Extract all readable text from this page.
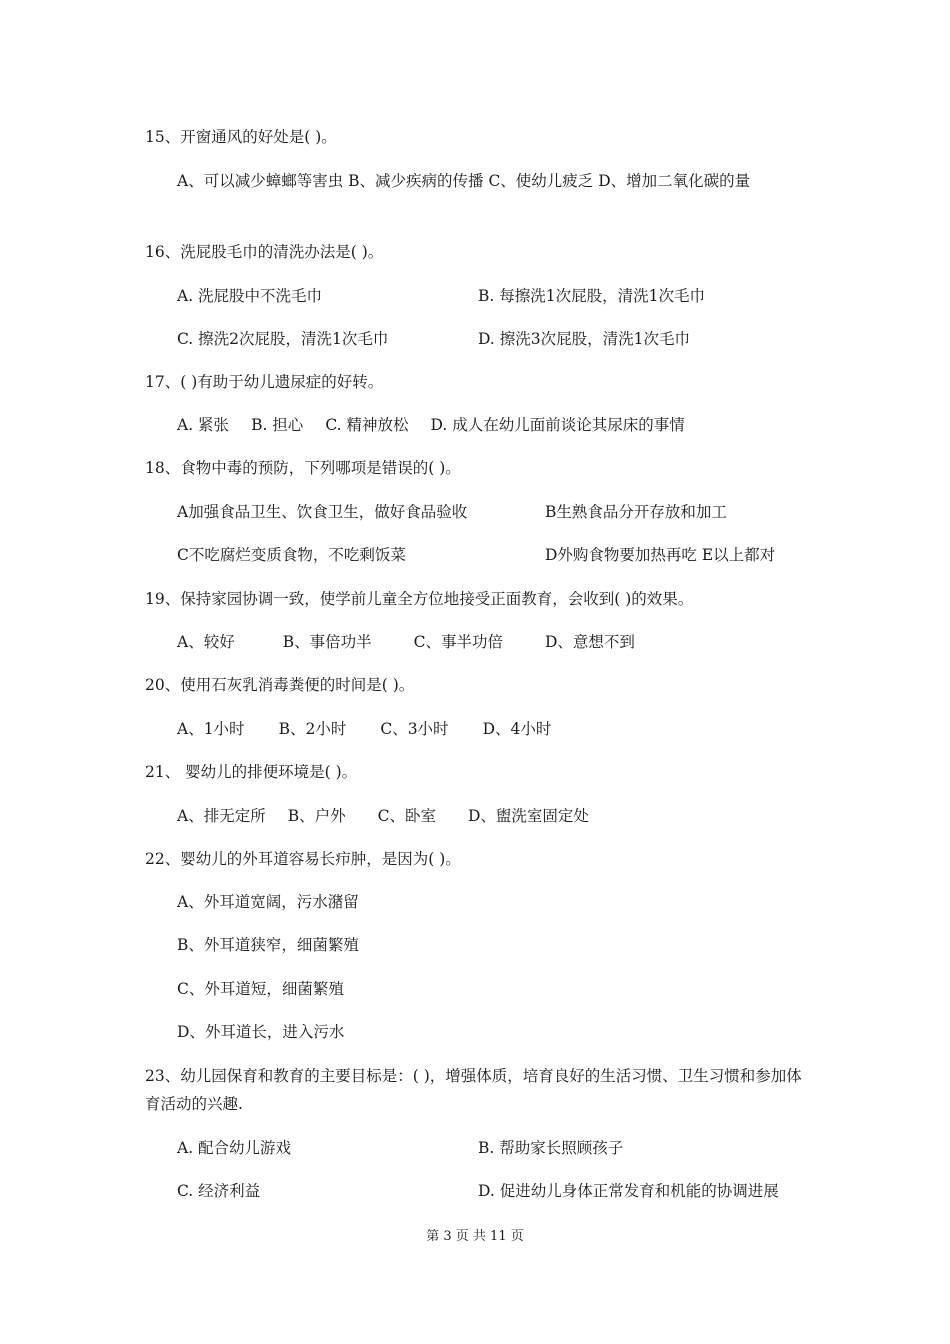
15、开窗通风的好处是( )。
A、可以减少蟑螂等害虫 B、减少疾病的传播 C、使幼儿疲乏 D、增加二氧化碳的量
16、洗屁股毛巾的清洗办法是( )。
A. 洗屁股中不洗毛巾	B. 每擦洗1次屁股，清洗1次毛巾
C. 擦洗2次屁股，清洗1次毛巾	D. 擦洗3次屁股，清洗1次毛巾
17、( )有助于幼儿遗尿症的好转。
A. 紧张 B. 担心 C. 精神放松 D. 成人在幼儿面前谈论其尿床的事情
18、食物中毒的预防，下列哪项是错误的( )。
A加强食品卫生、饮食卫生，做好食品验收	B生熟食品分开存放和加工
C不吃腐烂变质食物，不吃剩饭菜	D外购食物要加热再吃 E以上都对
19、保持家园协调一致，使学前儿童全方位地接受正面教育，会收到( )的效果。
A、较好	B、事倍功半	C、事半功倍	D、意想不到
20、使用石灰乳消毒粪便的时间是( )。
A、1小时 B、2小时 C、3小时 D、4小时
21、 婴幼儿的排便环境是( )。
A、排无定所 B、户外 C、卧室 D、盥洗室固定处
22、婴幼儿的外耳道容易长疖肿，是因为( )。
A、外耳道宽阔，污水潴留
B、外耳道狭窄，细菌繁殖
C、外耳道短，细菌繁殖
D、外耳道长，进入污水
23、幼儿园保育和教育的主要目标是：( )，增强体质，培育良好的生活习惯、卫生习惯和参加体育活动的兴趣.
A. 配合幼儿游戏	B. 帮助家长照顾孩子
C. 经济利益	D. 促进幼儿身体正常发育和机能的协调进展
第 3 页 共 11 页
